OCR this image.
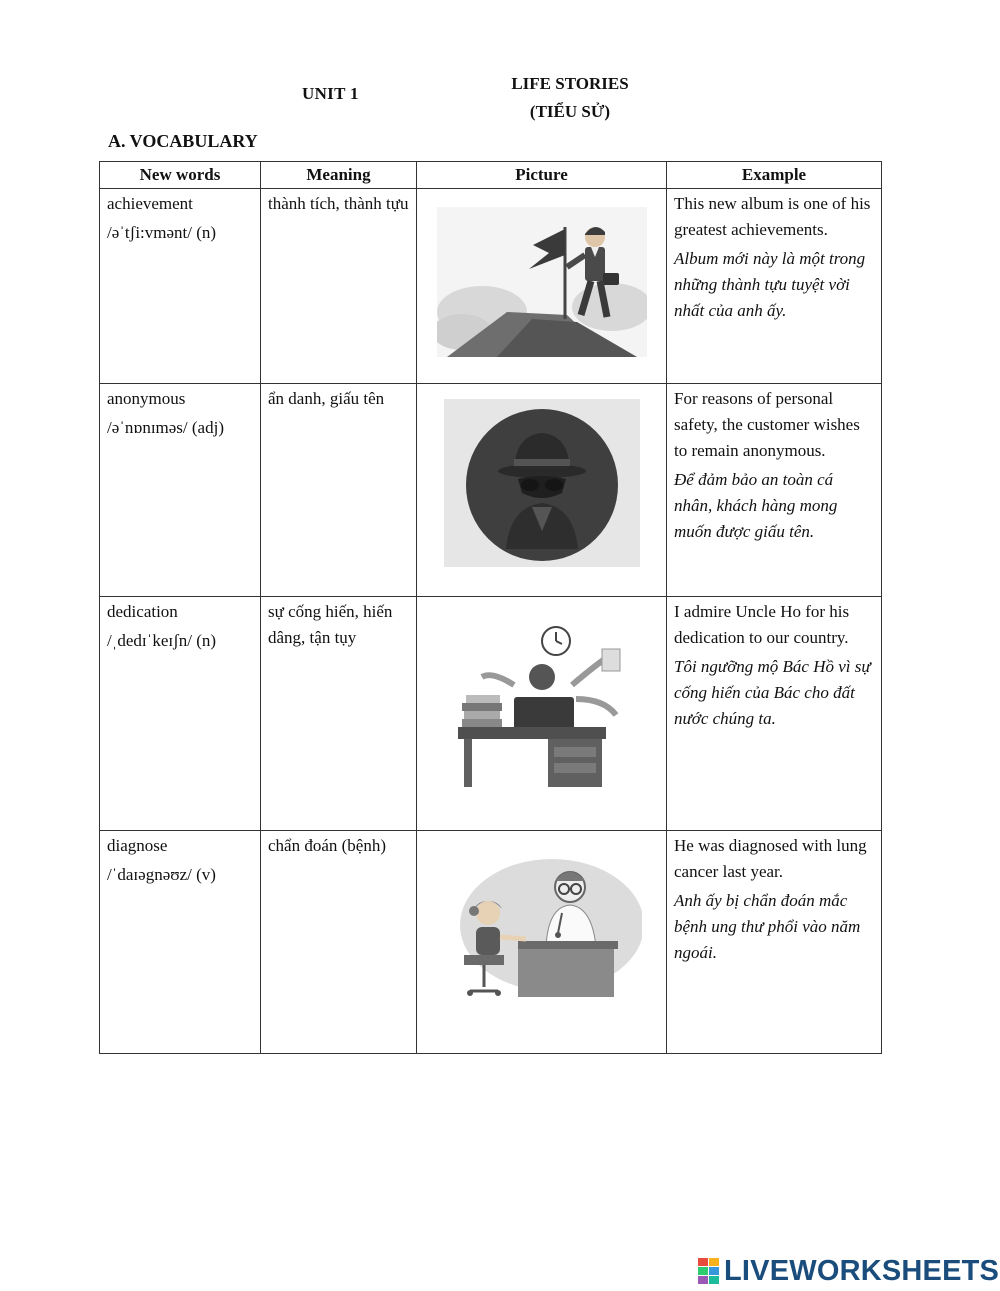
UNIT 1
LIFE STORIES
(TIỂU SỬ)
A. VOCABULARY
New words	Meaning	Picture	Example
achievement
/əˈtʃi:vmənt/ (n)	thành tích, thành tựu		This new album is one of his greatest achievements.
Album mới này là một trong những thành tựu tuyệt vời nhất của anh ấy.

anonymous
/əˈnɒnɪməs/ (adj)	ẩn danh, giấu tên		For reasons of personal safety, the customer wishes to remain anonymous.
Để đảm bảo an toàn cá nhân, khách hàng mong muốn được giấu tên.

dedication
/ˌdedɪˈkeɪʃn/ (n)	sự cống hiến, hiến dâng, tận tụy		I admire Uncle Ho for his dedication to our country.
Tôi ngưỡng mộ Bác Hồ vì sự cống hiến của Bác cho đất nước chúng ta.

diagnose
/ˈdaɪəgnəʊz/ (v)	chẩn đoán (bệnh)		He was diagnosed with lung cancer last year.
Anh ấy bị chẩn đoán mắc bệnh ung thư phổi vào năm ngoái.
LIVEWORKSHEETS
